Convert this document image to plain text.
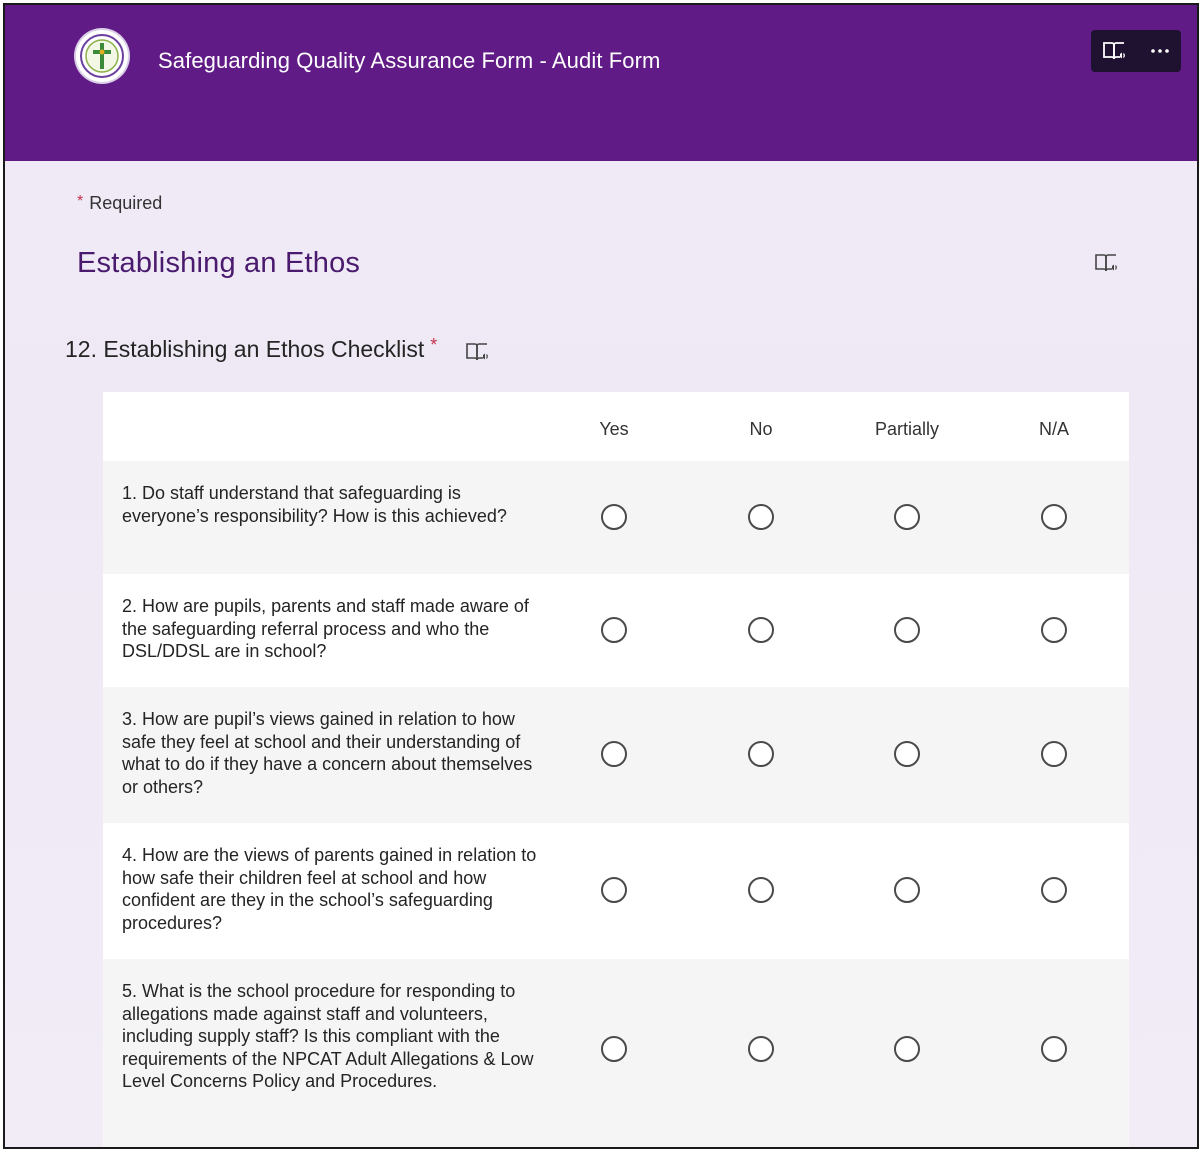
Safeguarding Quality Assurance Form - Audit Form
* Required
Establishing an Ethos
12. Establishing an Ethos Checklist *
Yes	No	Partially	N/A
1. Do staff understand that safeguarding is everyone’s responsibility? How is this achieved?
2. How are pupils, parents and staff made aware of the safeguarding referral process and who the DSL/DDSL are in school?
3. How are pupil’s views gained in relation to how safe they feel at school and their understanding of what to do if they have a concern about themselves or others?
4. How are the views of parents gained in relation to how safe their children feel at school and how confident are they in the school’s safeguarding procedures?
5. What is the school procedure for responding to allegations made against staff and volunteers, including supply staff? Is this compliant with the requirements of the NPCAT Adult Allegations & Low Level Concerns Policy and Procedures.
